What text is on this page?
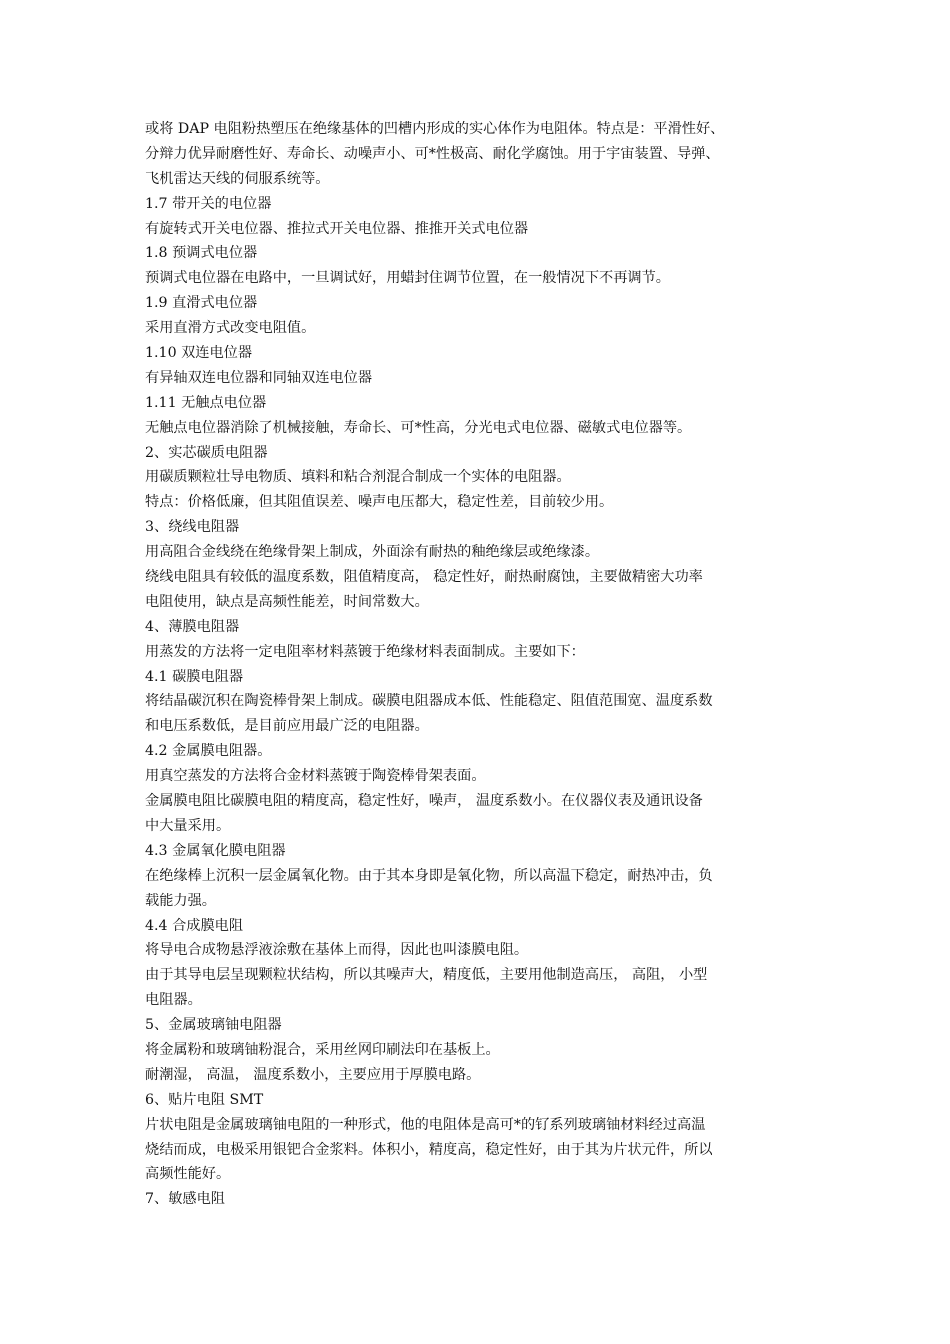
或将 DAP 电阻粉热塑压在绝缘基体的凹槽内形成的实心体作为电阻体。特点是：平滑性好、
分辩力优异耐磨性好、寿命长、动噪声小、可*性极高、耐化学腐蚀。用于宇宙装置、导弹、
飞机雷达天线的伺服系统等。
1.7 带开关的电位器
有旋转式开关电位器、推拉式开关电位器、推推开关式电位器
1.8 预调式电位器
预调式电位器在电路中，一旦调试好，用蜡封住调节位置，在一般情况下不再调节。
1.9 直滑式电位器
采用直滑方式改变电阻值。
1.10 双连电位器
有异轴双连电位器和同轴双连电位器
1.11 无触点电位器
无触点电位器消除了机械接触，寿命长、可*性高，分光电式电位器、磁敏式电位器等。
2、实芯碳质电阻器
用碳质颗粒壮导电物质、填料和粘合剂混合制成一个实体的电阻器。
特点：价格低廉，但其阻值误差、噪声电压都大，稳定性差，目前较少用。
3、绕线电阻器
用高阻合金线绕在绝缘骨架上制成，外面涂有耐热的釉绝缘层或绝缘漆。
绕线电阻具有较低的温度系数，阻值精度高， 稳定性好，耐热耐腐蚀，主要做精密大功率
电阻使用，缺点是高频性能差，时间常数大。
4、薄膜电阻器
用蒸发的方法将一定电阻率材料蒸镀于绝缘材料表面制成。主要如下：
4.1 碳膜电阻器
将结晶碳沉积在陶瓷棒骨架上制成。碳膜电阻器成本低、性能稳定、阻值范围宽、温度系数
和电压系数低，是目前应用最广泛的电阻器。
4.2 金属膜电阻器。
用真空蒸发的方法将合金材料蒸镀于陶瓷棒骨架表面。
金属膜电阻比碳膜电阻的精度高，稳定性好，噪声， 温度系数小。在仪器仪表及通讯设备
中大量采用。
4.3 金属氧化膜电阻器
在绝缘棒上沉积一层金属氧化物。由于其本身即是氧化物，所以高温下稳定，耐热冲击，负
载能力强。
4.4 合成膜电阻
将导电合成物悬浮液涂敷在基体上而得，因此也叫漆膜电阻。
由于其导电层呈现颗粒状结构，所以其噪声大，精度低，主要用他制造高压， 高阻， 小型
电阻器。
5、金属玻璃铀电阻器
将金属粉和玻璃铀粉混合，采用丝网印刷法印在基板上。
耐潮湿， 高温， 温度系数小，主要应用于厚膜电路。
6、贴片电阻 SMT
片状电阻是金属玻璃铀电阻的一种形式，他的电阻体是高可*的钌系列玻璃铀材料经过高温
烧结而成，电极采用银钯合金浆料。体积小，精度高，稳定性好，由于其为片状元件，所以
高频性能好。
7、敏感电阻
